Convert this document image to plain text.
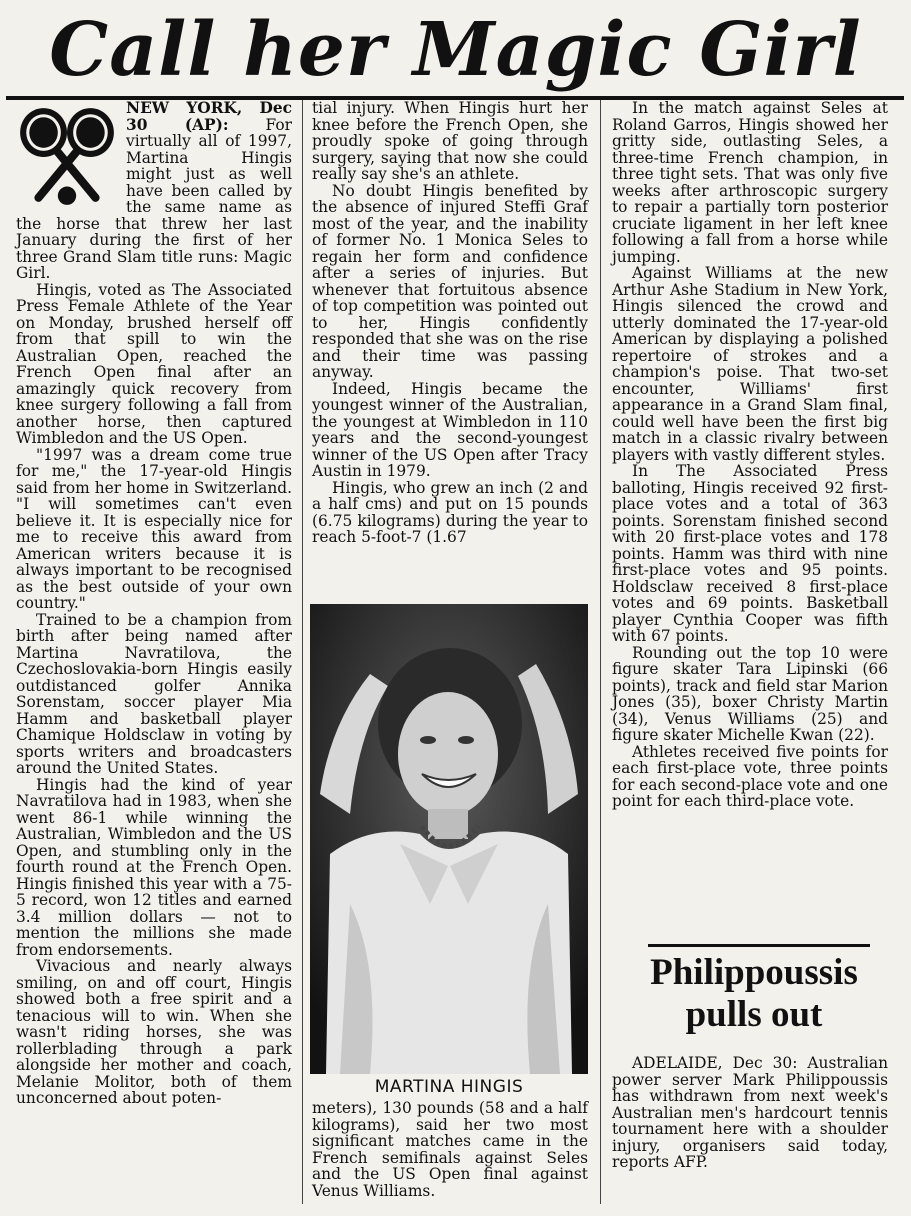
Call her Magic Girl

NEW YORK, Dec 30 (AP): For virtually all of 1997, Martina Hingis might just as well have been called by the same name as the horse that threw her last January during the first of her three Grand Slam title runs: Magic Girl.

Hingis, voted as The Associated Press Female Athlete of the Year on Monday, brushed herself off from that spill to win the Australian Open, reached the French Open final after an amazingly quick recovery from knee surgery following a fall from another horse, then captured Wimbledon and the US Open.

"1997 was a dream come true for me," the 17-year-old Hingis said from her home in Switzerland. "I will sometimes can't even believe it. It is especially nice for me to receive this award from American writers because it is always important to be recognised as the best outside of your own country."

Trained to be a champion from birth after being named after Martina Navratilova, the Czechoslovakia-born Hingis easily outdistanced golfer Annika Sorenstam, soccer player Mia Hamm and basketball player Chamique Holdsclaw in voting by sports writers and broadcasters around the United States.

Hingis had the kind of year Navratilova had in 1983, when she went 86-1 while winning the Australian, Wimbledon and the US Open, and stumbling only in the fourth round at the French Open. Hingis finished this year with a 75-5 record, won 12 titles and earned 3.4 million dollars — not to mention the millions she made from endorsements.

Vivacious and nearly always smiling, on and off court, Hingis showed both a free spirit and a tenacious will to win. When she wasn't riding horses, she was rollerblading through a park alongside her mother and coach, Melanie Molitor, both of them unconcerned about poten-

tial injury. When Hingis hurt her knee before the French Open, she proudly spoke of going through surgery, saying that now she could really say she's an athlete.

No doubt Hingis benefited by the absence of injured Steffi Graf most of the year, and the inability of former No. 1 Monica Seles to regain her form and confidence after a series of injuries. But whenever that fortuitous absence of top competition was pointed out to her, Hingis confidently responded that she was on the rise and their time was passing anyway.

Indeed, Hingis became the youngest winner of the Australian, the youngest at Wimbledon in 110 years and the second-youngest winner of the US Open after Tracy Austin in 1979.

Hingis, who grew an inch (2 and a half cms) and put on 15 pounds (6.75 kilograms) during the year to reach 5-foot-7 (1.67

MARTINA HINGIS

meters), 130 pounds (58 and a half kilograms), said her two most significant matches came in the French semifinals against Seles and the US Open final against Venus Williams.

In the match against Seles at Roland Garros, Hingis showed her gritty side, outlasting Seles, a three-time French champion, in three tight sets. That was only five weeks after arthroscopic surgery to repair a partially torn posterior cruciate ligament in her left knee following a fall from a horse while jumping.

Against Williams at the new Arthur Ashe Stadium in New York, Hingis silenced the crowd and utterly dominated the 17-year-old American by displaying a polished repertoire of strokes and a champion's poise. That two-set encounter, Williams' first appearance in a Grand Slam final, could well have been the first big match in a classic rivalry between players with vastly different styles.

In The Associated Press balloting, Hingis received 92 first-place votes and a total of 363 points. Sorenstam finished second with 20 first-place votes and 178 points. Hamm was third with nine first-place votes and 95 points. Holdsclaw received 8 first-place votes and 69 points. Basketball player Cynthia Cooper was fifth with 67 points.

Rounding out the top 10 were figure skater Tara Lipinski (66 points), track and field star Marion Jones (35), boxer Christy Martin (34), Venus Williams (25) and figure skater Michelle Kwan (22).

Athletes received five points for each first-place vote, three points for each second-place vote and one point for each third-place vote.

Philippoussis pulls out

ADELAIDE, Dec 30: Australian power server Mark Philippoussis has withdrawn from next week's Australian men's hardcourt tennis tournament here with a shoulder injury, organisers said today, reports AFP.
